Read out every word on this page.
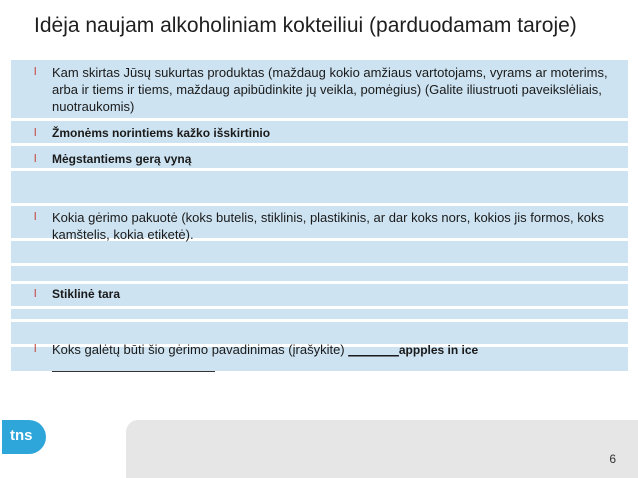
Idėja naujam alkoholiniam kokteiliui (parduodamam taroje)
l Kam skirtas Jūsų sukurtas produktas (maždaug kokio amžiaus vartotojams, vyrams ar moterims, arba ir tiems ir tiems, maždaug apibūdinkite jų veikla, pomėgius) (Galite iliustruoti paveikslėliais, nuotraukomis)
l Žmonėms norintiems kažko išskirtinio
l Mėgstantiems gerą vyną
l Kokia gėrimo pakuotė (koks butelis, stiklinis, plastikinis, ar dar koks nors, kokios jis formos, koks kamštelis, kokia etiketė).
l Stiklinė tara
l Koks galėtų būti šio gėrimo pavadinimas (įrašykite) _______appples in ice
6
tns
